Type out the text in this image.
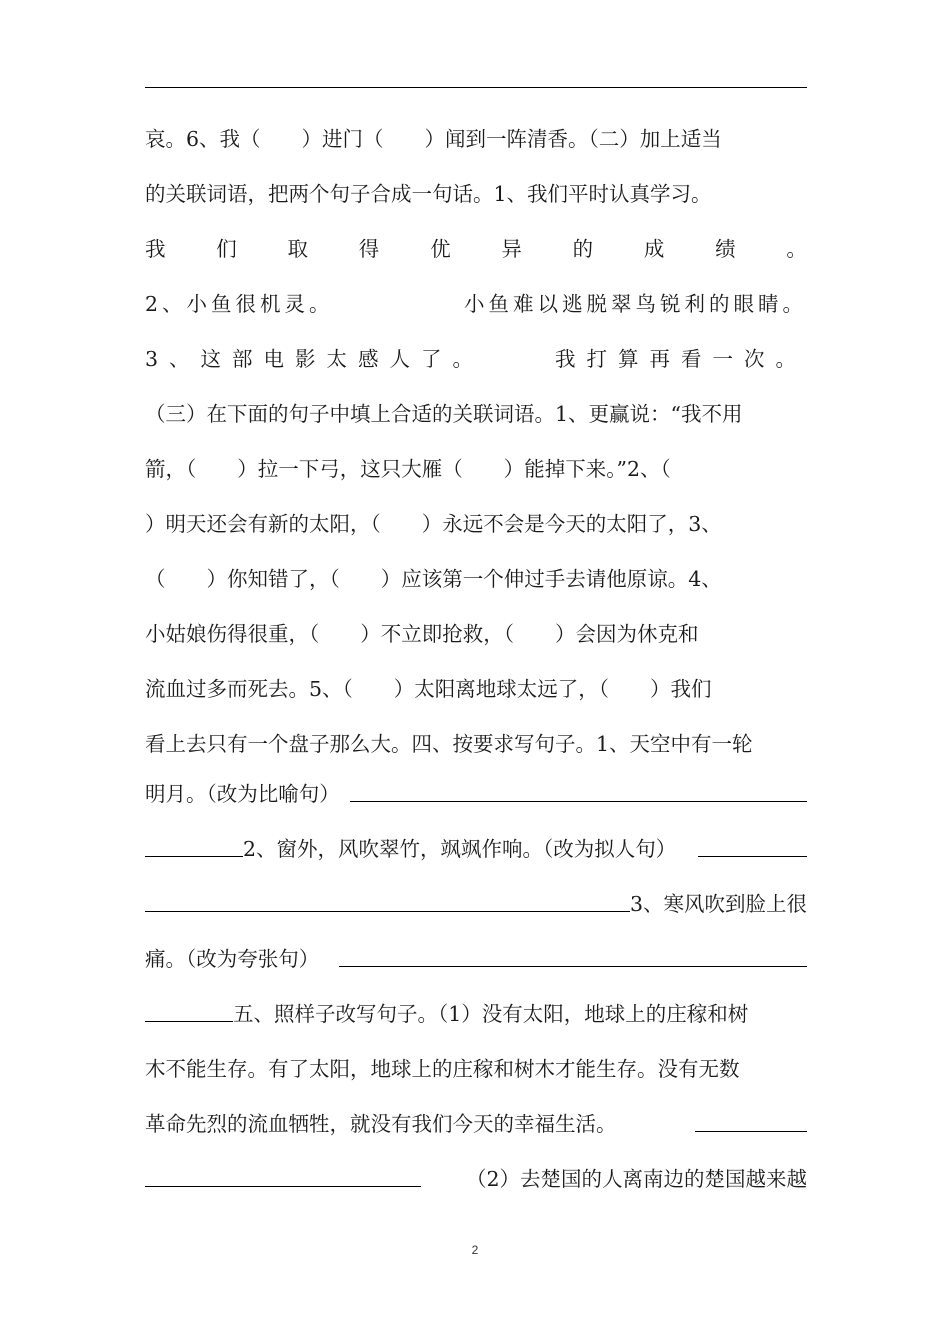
哀。6、我（　　）进门（　　）闻到一阵清香。（二）加上适当
的关联词语，把两个句子合成一句话。1、我们平时认真学习。
我 们 取 得 优 异 的 成 绩 。
2、小鱼很机灵。	小鱼难以逃脱翠鸟锐利的眼睛。
3、这部电影太感人了。	我打算再看一次。
（三）在下面的句子中填上合适的关联词语。1、更赢说：“我不用
箭，（　　）拉一下弓，这只大雁（　　）能掉下来。”2、（
）明天还会有新的太阳，（　　）永远不会是今天的太阳了，3、
（　　）你知错了，（　　）应该第一个伸过手去请他原谅。4、
小姑娘伤得很重，（　　）不立即抢救，（　　）会因为休克和
流血过多而死去。5、（　　）太阳离地球太远了，（　　）我们
看上去只有一个盘子那么大。四、按要求写句子。1、天空中有一轮
明月。（改为比喻句）
2、窗外，风吹翠竹，飒飒作响。（改为拟人句）
3、寒风吹到脸上很
痛。（改为夸张句）
五、照样子改写句子。（1）没有太阳，地球上的庄稼和树
木不能生存。有了太阳，地球上的庄稼和树木才能生存。没有无数
革命先烈的流血牺牲，就没有我们今天的幸福生活。
（2）去楚国的人离南边的楚国越来越
2
